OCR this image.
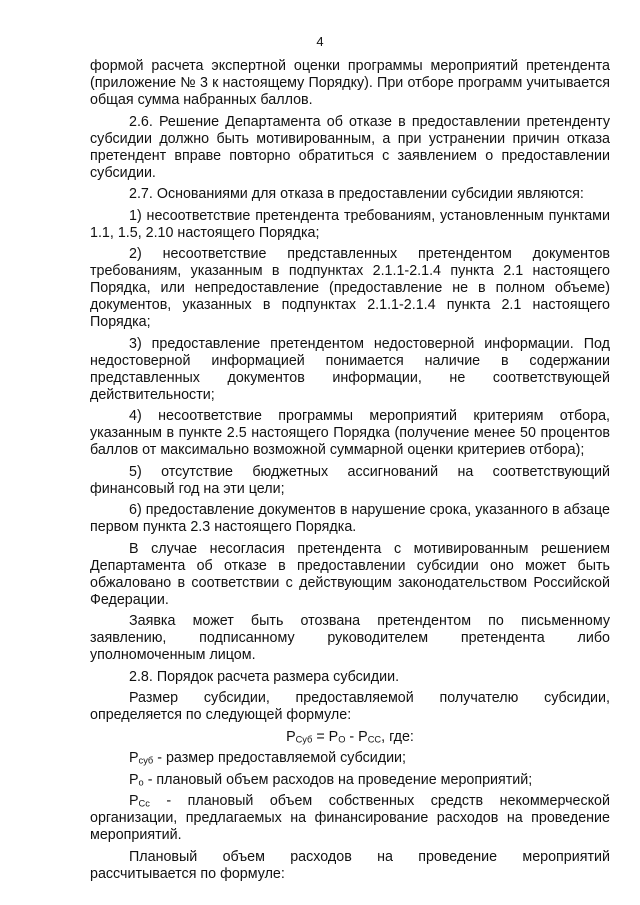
4

формой расчета экспертной оценки программы мероприятий претендента (приложение № 3 к настоящему Порядку). При отборе программ учитывается общая сумма набранных баллов.

2.6. Решение Департамента об отказе в предоставлении претенденту субсидии должно быть мотивированным, а при устранении причин отказа претендент вправе повторно обратиться с заявлением о предоставлении субсидии.

2.7. Основаниями для отказа в предоставлении субсидии являются:

1) несоответствие претендента требованиям, установленным пунктами 1.1, 1.5, 2.10 настоящего Порядка;

2) несоответствие представленных претендентом документов требованиям, указанным в подпунктах 2.1.1-2.1.4 пункта 2.1 настоящего Порядка, или непредоставление (предоставление не в полном объеме) документов, указанных в подпунктах 2.1.1-2.1.4 пункта 2.1 настоящего Порядка;

3) предоставление претендентом недостоверной информации. Под недостоверной информацией понимается наличие в содержании представленных документов информации, не соответствующей действительности;

4) несоответствие программы мероприятий критериям отбора, указанным в пункте 2.5 настоящего Порядка (получение менее 50 процентов баллов от максимально возможной суммарной оценки критериев отбора);

5) отсутствие бюджетных ассигнований на соответствующий финансовый год на эти цели;

6) предоставление документов в нарушение срока, указанного в абзаце первом пункта 2.3 настоящего Порядка.

В случае несогласия претендента с мотивированным решением Департамента об отказе в предоставлении субсидии оно может быть обжаловано в соответствии с действующим законодательством Российской Федерации.

Заявка может быть отозвана претендентом по письменному заявлению, подписанному руководителем претендента либо уполномоченным лицом.

2.8. Порядок расчета размера субсидии.

Размер субсидии, предоставляемой получателю субсидии, определяется по следующей формуле:

$Р_{Суб} = Р_О - Р_{СС}$, где:

$Р_{суб}$ - размер предоставляемой субсидии;

$Р_о$ - плановый объем расходов на проведение мероприятий;

$Р_{Сс}$ - плановый объем собственных средств некоммерческой организации, предлагаемых на финансирование расходов на проведение мероприятий.

Плановый объем расходов на проведение мероприятий рассчитывается по формуле:
